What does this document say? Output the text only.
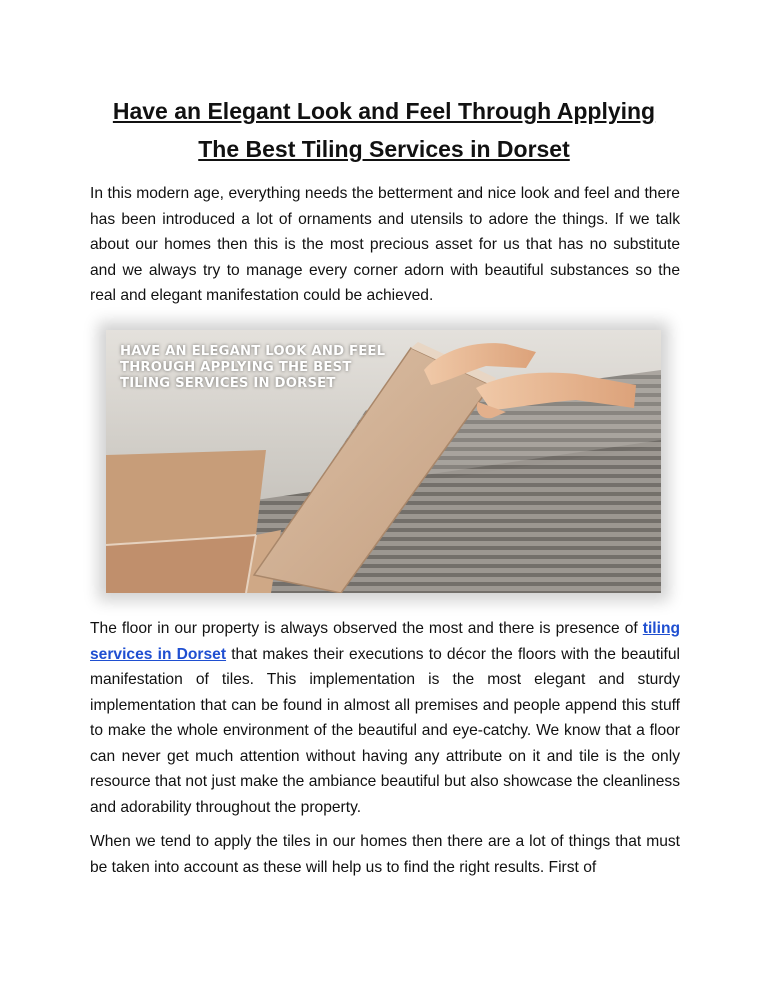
Have an Elegant Look and Feel Through Applying
The Best Tiling Services in Dorset
In this modern age, everything needs the betterment and nice look and feel and there has been introduced a lot of ornaments and utensils to adore the things. If we talk about our homes then this is the most precious asset for us that has no substitute and we always try to manage every corner adorn with beautiful substances so the real and elegant manifestation could be achieved.
HAVE AN ELEGANT LOOK AND FEEL
THROUGH APPLYING THE BEST
TILING SERVICES IN DORSET
The floor in our property is always observed the most and there is presence of tiling services in Dorset that makes their executions to décor the floors with the beautiful manifestation of tiles. This implementation is the most elegant and sturdy implementation that can be found in almost all premises and people append this stuff to make the whole environment of the beautiful and eye-catchy. We know that a floor can never get much attention without having any attribute on it and tile is the only resource that not just make the ambiance beautiful but also showcase the cleanliness and adorability throughout the property.
When we tend to apply the tiles in our homes then there are a lot of things that must be taken into account as these will help us to find the right results. First of
